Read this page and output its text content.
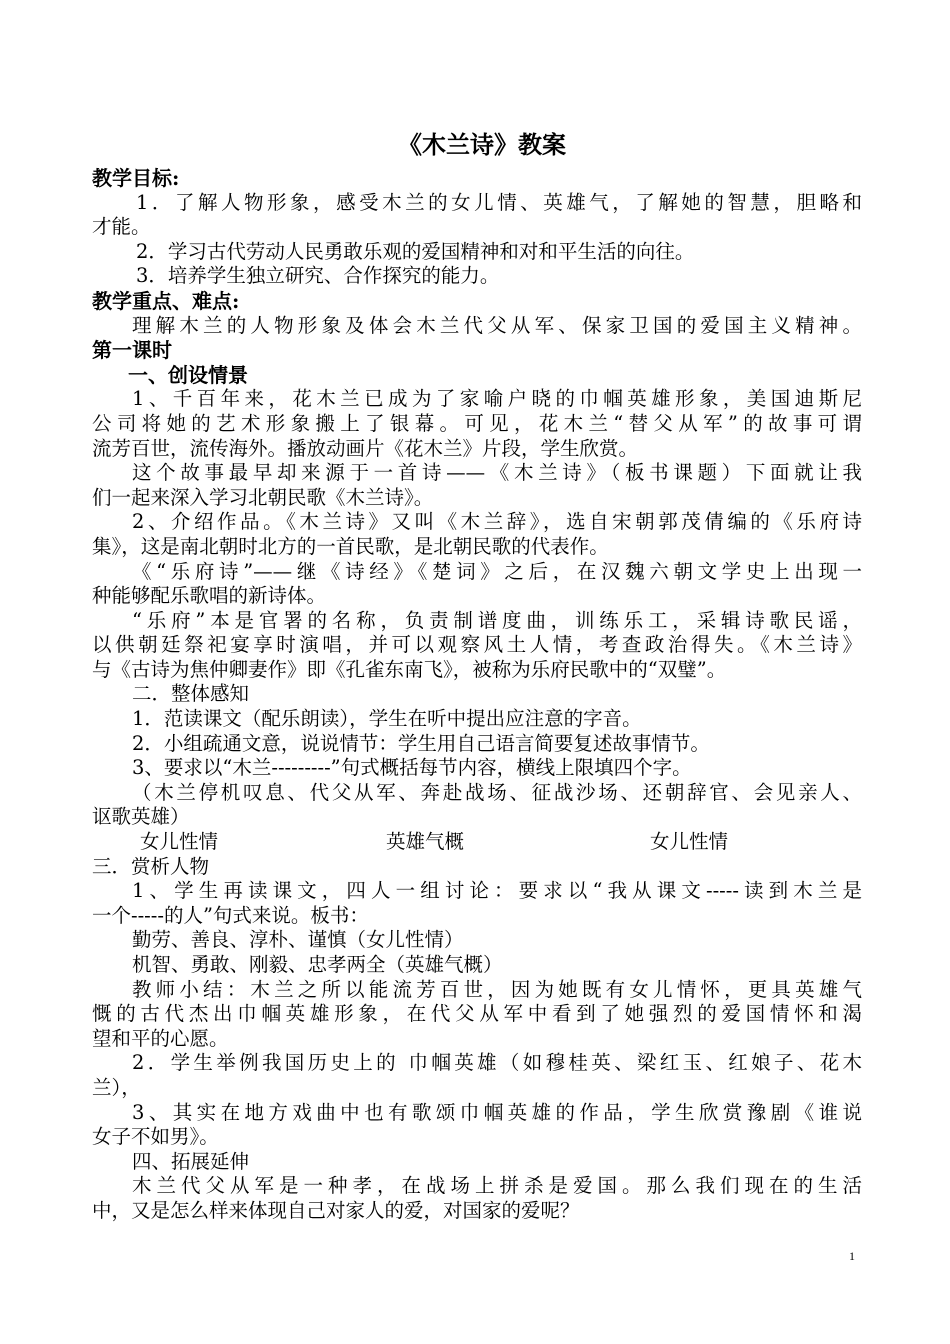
《木兰诗》教案
教学目标:
1．了解人物形象，感受木兰的女儿情、英雄气，了解她的智慧，胆略和
才能。
2．学习古代劳动人民勇敢乐观的爱国精神和对和平生活的向往。
3．培养学生独立研究、合作探究的能力。
教学重点、难点:
理解木兰的人物形象及体会木兰代父从军、保家卫国的爱国主义精神。
第一课时
一、创设情景
1、千百年来，花木兰已成为了家喻户晓的巾帼英雄形象，美国迪斯尼
公司将她的艺术形象搬上了银幕。可见，花木兰“替父从军”的故事可谓
流芳百世，流传海外。播放动画片《花木兰》片段，学生欣赏。
这个故事最早却来源于一首诗——《木兰诗》（板书课题）下面就让我
们一起来深入学习北朝民歌《木兰诗》。
2、介绍作品。《木兰诗》又叫《木兰辞》，选自宋朝郭茂倩编的《乐府诗
集》，这是南北朝时北方的一首民歌，是北朝民歌的代表作。
《“乐府诗”——继《诗经》《楚词》之后，在汉魏六朝文学史上出现一
种能够配乐歌唱的新诗体。
“乐府”本是官署的名称，负责制谱度曲，训练乐工，采辑诗歌民谣，
以供朝廷祭祀宴享时演唱，并可以观察风土人情，考查政治得失。《木兰诗》
与《古诗为焦仲卿妻作》即《孔雀东南飞》，被称为乐府民歌中的“双璧”。
二．整体感知
1．范读课文（配乐朗读），学生在听中提出应注意的字音。
2．小组疏通文意，说说情节：学生用自己语言简要复述故事情节。
3、要求以“木兰---------”句式概括每节内容，横线上限填四个字。
（木兰停机叹息、代父从军、奔赴战场、征战沙场、还朝辞官、会见亲人、
讴歌英雄）
女儿性情	英雄气概	女儿性情
三．赏析人物
1、学生再读课文，四人一组讨论：要求以“我从课文-----读到木兰是
一个-----的人”句式来说。板书：
勤劳、善良、淳朴、谨慎（女儿性情）
机智、勇敢、刚毅、忠孝两全（英雄气概）
教师小结：木兰之所以能流芳百世，因为她既有女儿情怀，更具英雄气
慨的古代杰出巾帼英雄形象，在代父从军中看到了她强烈的爱国情怀和渴
望和平的心愿。
2．学生举例我国历史上的 巾帼英雄（如穆桂英、梁红玉、红娘子、花木
兰），
3、其实在地方戏曲中也有歌颂巾帼英雄的作品，学生欣赏豫剧《谁说
女子不如男》。
四、拓展延伸
木兰代父从军是一种孝，在战场上拼杀是爱国。那么我们现在的生活
中，又是怎么样来体现自己对家人的爱，对国家的爱呢？
1
